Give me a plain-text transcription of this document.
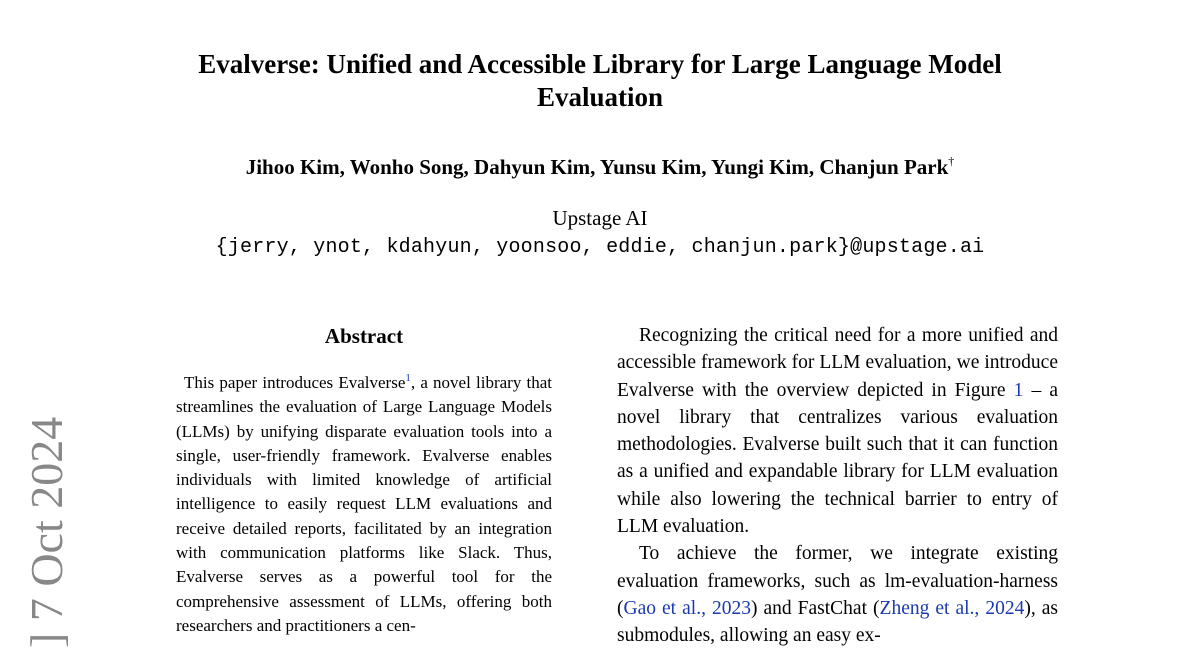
Evalverse: Unified and Accessible Library for Large Language Model Evaluation
Jihoo Kim, Wonho Song, Dahyun Kim, Yunsu Kim, Yungi Kim, Chanjun Park†
Upstage AI
{jerry, ynot, kdahyun, yoonsoo, eddie, chanjun.park}@upstage.ai
Abstract

This paper introduces Evalverse$^1$, a novel library that streamlines the evaluation of Large Language Models (LLMs) by unifying disparate evaluation tools into a single, user-friendly framework. Evalverse enables individuals with limited knowledge of artificial intelligence to easily request LLM evaluations and receive detailed reports, facilitated by an integration with communication platforms like Slack. Thus, Evalverse serves as a powerful tool for the comprehensive assessment of LLMs, offering both researchers and practitioners a cen-

Recognizing the critical need for a more unified and accessible framework for LLM evaluation, we introduce Evalverse with the overview depicted in Figure 1 – a novel library that centralizes various evaluation methodologies. Evalverse built such that it can function as a unified and expandable library for LLM evaluation while also lowering the technical barrier to entry of LLM evaluation.

To achieve the former, we integrate existing evaluation frameworks, such as lm-evaluation-harness (Gao et al., 2023) and FastChat (Zheng et al., 2024), as submodules, allowing an easy ex-

] 7 Oct 2024
